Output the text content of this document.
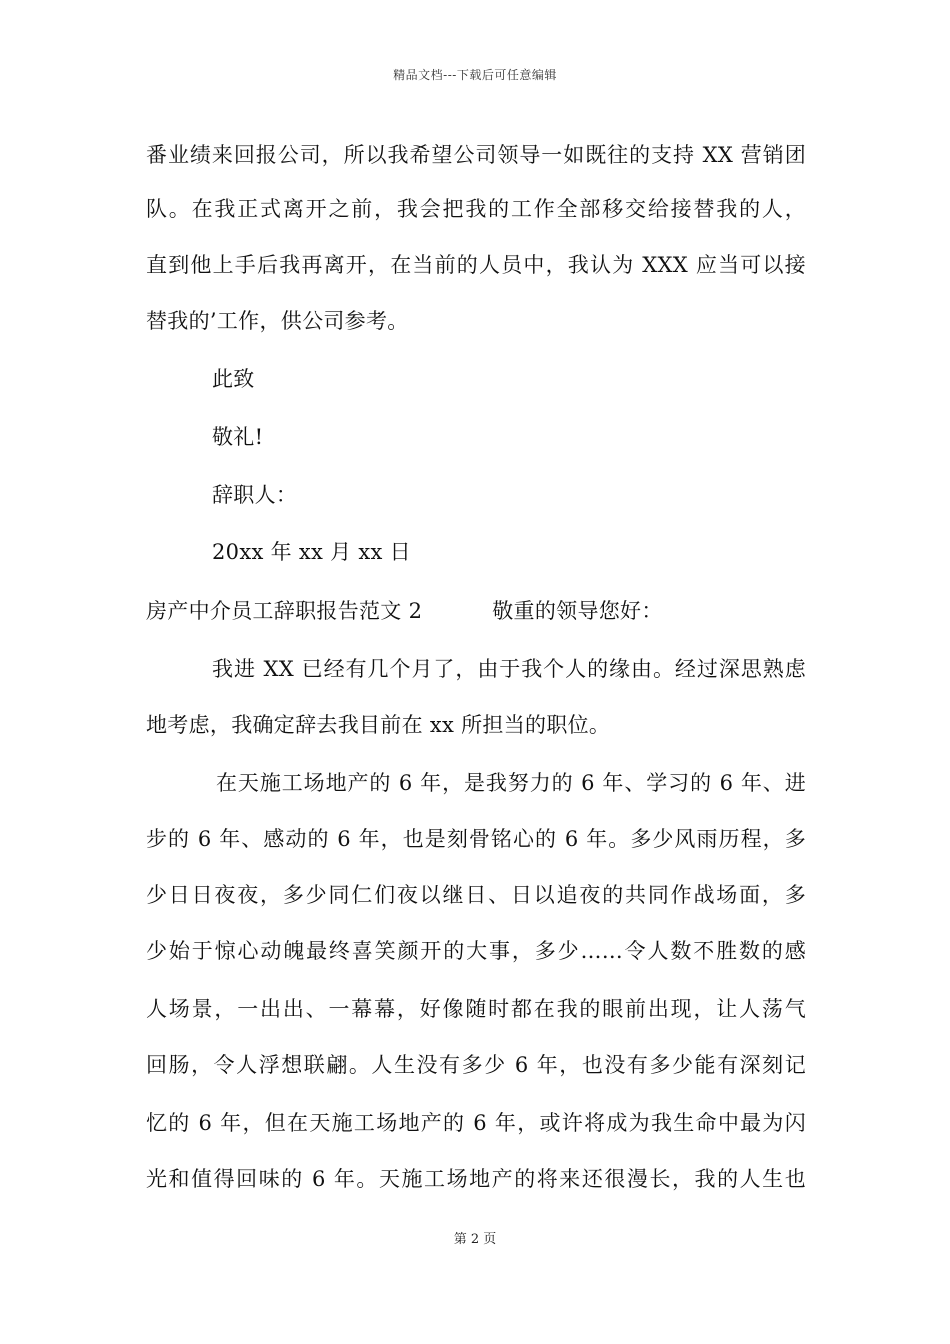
精品文档---下载后可任意编辑
番业绩来回报公司，所以我希望公司领导一如既往的支持 XX 营销团
队。在我正式离开之前，我会把我的工作全部移交给接替我的人，
直到他上手后我再离开，在当前的人员中，我认为 XXX 应当可以接
替我的’工作，供公司参考。
此致
敬礼!
辞职人：
20xx 年 xx 月 xx 日
房产中介员工辞职报告范文 2	敬重的领导您好：
我进 XX 已经有几个月了，由于我个人的缘由。经过深思熟虑
地考虑，我确定辞去我目前在 xx 所担当的职位。
在天施工场地产的 6 年，是我努力的 6 年、学习的 6 年、进
步的 6 年、感动的 6 年，也是刻骨铭心的 6 年。多少风雨历程，多
少日日夜夜，多少同仁们夜以继日、日以追夜的共同作战场面，多
少始于惊心动魄最终喜笑颜开的大事，多少……令人数不胜数的感
人场景，一出出、一幕幕，好像随时都在我的眼前出现，让人荡气
回肠，令人浮想联翩。人生没有多少 6 年，也没有多少能有深刻记
忆的 6 年，但在天施工场地产的 6 年，或许将成为我生命中最为闪
光和值得回味的 6 年。天施工场地产的将来还很漫长，我的人生也
第 2 页
